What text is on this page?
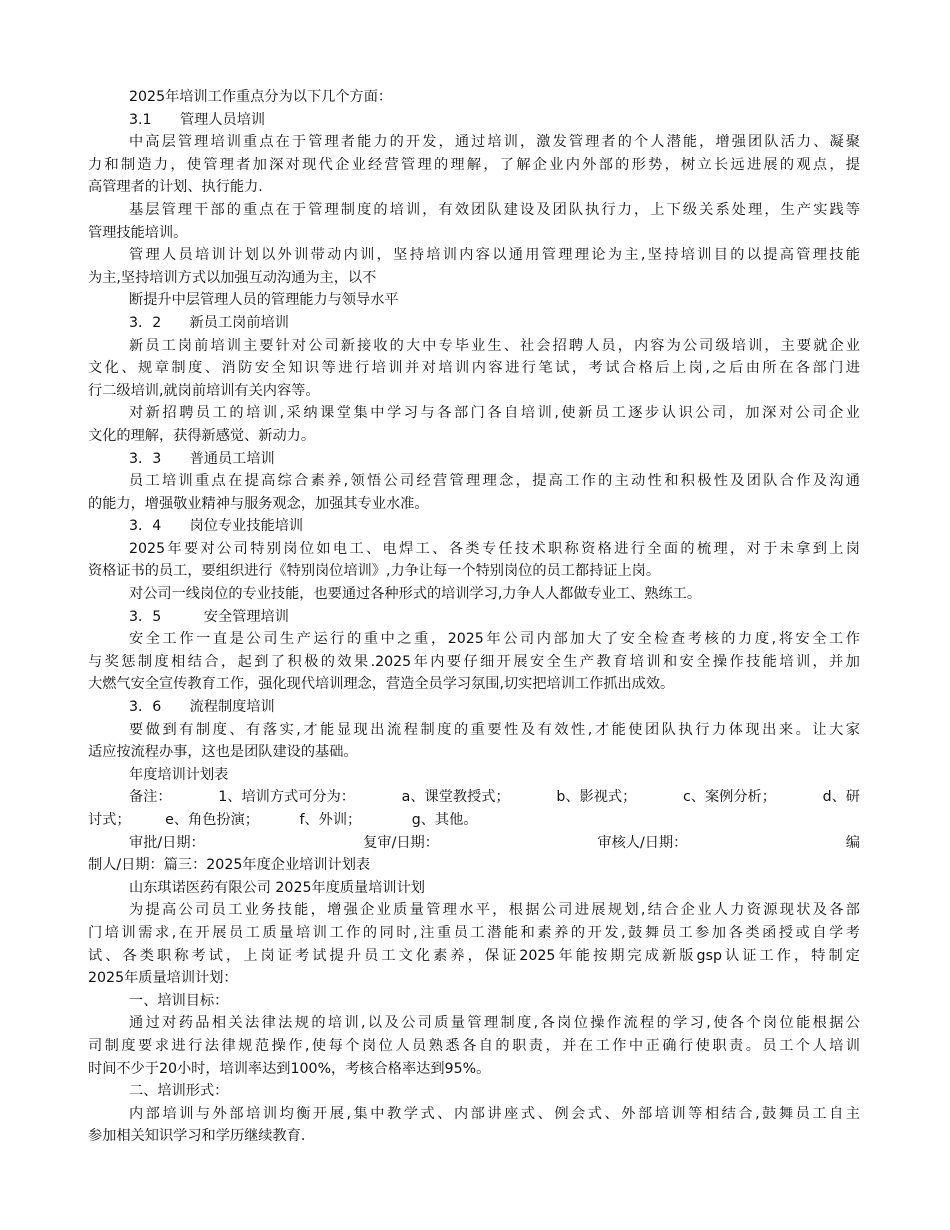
2025年培训工作重点分为以下几个方面：
3.1　　管理人员培训
中高层管理培训重点在于管理者能力的开发，通过培训，激发管理者的个人潜能，增强团队活力、凝聚
力和制造力，使管理者加深对现代企业经营管理的理解，了解企业内外部的形势，树立长远进展的观点，提
高管理者的计划、执行能力.
基层管理干部的重点在于管理制度的培训，有效团队建设及团队执行力，上下级关系处理，生产实践等
管理技能培训。
管理人员培训计划以外训带动内训，坚持培训内容以通用管理理论为主,坚持培训目的以提高管理技能
为主,坚持培训方式以加强互动沟通为主，以不
断提升中层管理人员的管理能力与领导水平
3．2　　新员工岗前培训
新员工岗前培训主要针对公司新接收的大中专毕业生、社会招聘人员，内容为公司级培训，主要就企业
文化、规章制度、消防安全知识等进行培训并对培训内容进行笔试，考试合格后上岗,之后由所在各部门进
行二级培训,就岗前培训有关内容等。
对新招聘员工的培训,采纳课堂集中学习与各部门各自培训,使新员工逐步认识公司，加深对公司企业
文化的理解，获得新感觉、新动力。
3．3　　普通员工培训
员工培训重点在提高综合素养,领悟公司经营管理理念，提高工作的主动性和积极性及团队合作及沟通
的能力，增强敬业精神与服务观念，加强其专业水准。
3．4　　岗位专业技能培训
2025年要对公司特别岗位如电工、电焊工、各类专任技术职称资格进行全面的梳理，对于未拿到上岗
资格证书的员工，要组织进行《特别岗位培训》,力争让每一个特别岗位的员工都持证上岗。
对公司一线岗位的专业技能，也要通过各种形式的培训学习,力争人人都做专业工、熟练工。
3．5　　　安全管理培训
安全工作一直是公司生产运行的重中之重，2025年公司内部加大了安全检查考核的力度,将安全工作
与奖惩制度相结合，起到了积极的效果.2025年内要仔细开展安全生产教育培训和安全操作技能培训，并加
大燃气安全宣传教育工作，强化现代培训理念，营造全员学习氛围,切实把培训工作抓出成效。
3．6　　流程制度培训
要做到有制度、有落实,才能显现出流程制度的重要性及有效性,才能使团队执行力体现出来。让大家
适应按流程办事，这也是团队建设的基础。
年度培训计划表
备注：	1、培训方式可分为：	a、课堂教授式；	b、影视式；	c、案例分析；	d、研
讨式； e、角色扮演；	f、外训；	g、其他。
审批/日期：	复审/日期：	审核人/日期：	编
制人/日期：篇三：2025年度企业培训计划表
山东琪诺医药有限公司 2025年度质量培训计划
为提高公司员工业务技能，增强企业质量管理水平，根据公司进展规划,结合企业人力资源现状及各部
门培训需求,在开展员工质量培训工作的同时,注重员工潜能和素养的开发,鼓舞员工参加各类函授或自学考
试、各类职称考试，上岗证考试提升员工文化素养，保证2025年能按期完成新版gsp认证工作，特制定
2025年质量培训计划：
一、培训目标：
通过对药品相关法律法规的培训,以及公司质量管理制度,各岗位操作流程的学习,使各个岗位能根据公
司制度要求进行法律规范操作,使每个岗位人员熟悉各自的职责，并在工作中正确行使职责。员工个人培训
时间不少于20小时，培训率达到100%，考核合格率达到95%。
二、培训形式：
内部培训与外部培训均衡开展,集中教学式、内部讲座式、例会式、外部培训等相结合,鼓舞员工自主
参加相关知识学习和学历继续教育.
